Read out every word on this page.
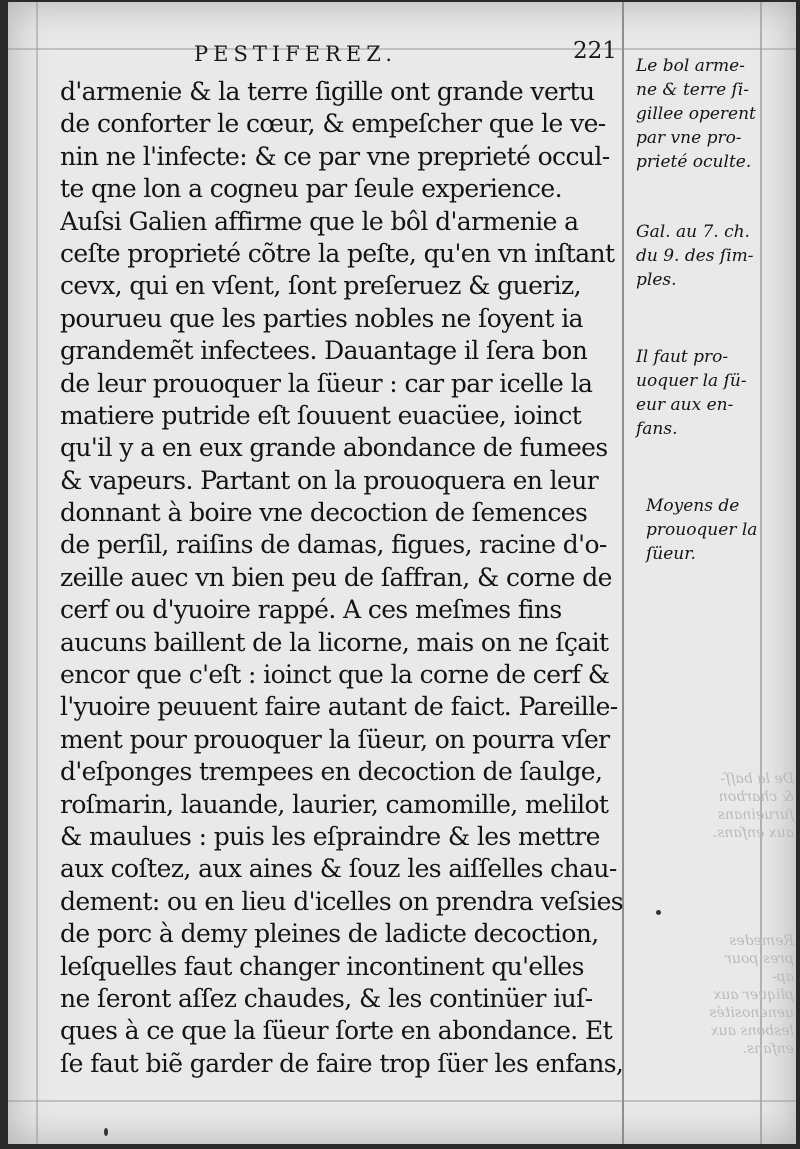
PESTIFEREZ.	221
d'armenie & la terre ſigille ont grande vertu
de conforter le cœur, & empeſcher que le ve-
nin ne l'infecte: & ce par vne preprieté occul-
te qne lon a cogneu par ſeule experience.
Auſsi Galien affirme que le bôl d'armenie a
ceſte proprieté cõtre la peſte, qu'en vn inſtant
cevx, qui en vſent, ſont preſeruez & gueriz,
pourueu que les parties nobles ne ſoyent ia
grandemẽt infectees. Dauantage il ſera bon
de leur prouoquer la ſüeur : car par icelle la
matiere putride eſt ſouuent euacüee, ioinct
qu'il y a en eux grande abondance de fumees
& vapeurs. Partant on la prouoquera en leur
donnant à boire vne decoction de ſemences
de perſil, raiſins de damas, figues, racine d'o-
zeille auec vn bien peu de ſaffran, & corne de
cerf ou d'yuoire rappé. A ces meſmes fins
aucuns baillent de la licorne, mais on ne ſçait
encor que c'eſt : ioinct que la corne de cerf &
l'yuoire peuuent faire autant de faict. Pareille-
ment pour prouoquer la ſüeur, on pourra vſer
d'eſponges trempees en decoction de ſaulge,
roſmarin, lauande, laurier, camomille, melilot
& maulues : puis les eſpraindre & les mettre
aux coſtez, aux aines & ſouz les aiſſelles chau-
dement: ou en lieu d'icelles on prendra veſsies
de porc à demy pleines de ladicte decoction,
leſquelles faut changer incontinent qu'elles
ne ſeront aſſez chaudes, & les continüer iuſ-
ques à ce que la ſüeur ſorte en abondance. Et
ſe faut biẽ garder de faire trop ſüer les enfans,
Le bol arme-
ne & terre ſi-
gillee operent
par vne pro-
prieté oculte.
Gal. au 7. ch.
du 9. des ſim-
ples.
Il faut pro-
uoquer la ſü-
eur aux en-
fans.
Moyens de
prouoquer la
ſüeur.
De la baſſ-
& charbon
ſurueinans
aux enfans.
Remedes
pres pour ap-
pliquer aux
uenenosités
lesbons aux
enfans.
